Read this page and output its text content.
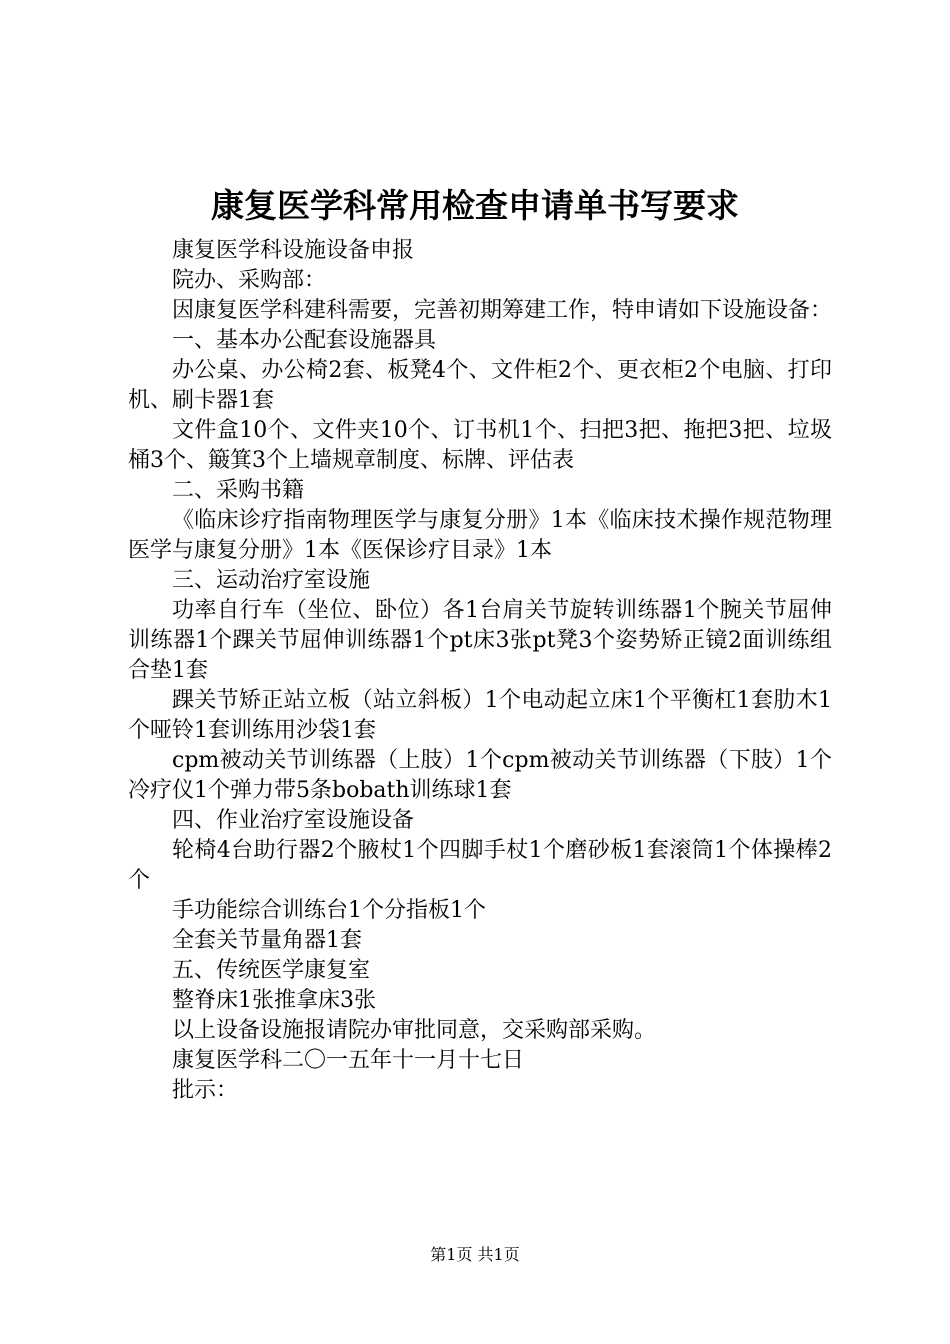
康复医学科常用检查申请单书写要求

康复医学科设施设备申报

院办、采购部：

因康复医学科建科需要，完善初期筹建工作，特申请如下设施设备：

一、基本办公配套设施器具

办公桌、办公椅2套、板凳4个、文件柜2个、更衣柜2个电脑、打印机、刷卡器1套

文件盒10个、文件夹10个、订书机1个、扫把3把、拖把3把、垃圾桶3个、簸箕3个上墙规章制度、标牌、评估表

二、采购书籍

《临床诊疗指南物理医学与康复分册》1本《临床技术操作规范物理医学与康复分册》1本《医保诊疗目录》1本

三、运动治疗室设施

功率自行车（坐位、卧位）各1台肩关节旋转训练器1个腕关节屈伸训练器1个踝关节屈伸训练器1个pt床3张pt凳3个姿势矫正镜2面训练组合垫1套

踝关节矫正站立板（站立斜板）1个电动起立床1个平衡杠1套肋木1个哑铃1套训练用沙袋1套

cpm被动关节训练器（上肢）1个cpm被动关节训练器（下肢）1个冷疗仪1个弹力带5条bobath训练球1套

四、作业治疗室设施设备

轮椅4台助行器2个腋杖1个四脚手杖1个磨砂板1套滚筒1个体操棒2个

手功能综合训练台1个分指板1个

全套关节量角器1套

五、传统医学康复室

整脊床1张推拿床3张

以上设备设施报请院办审批同意，交采购部采购。

康复医学科二〇一五年十一月十七日

批示：

第1页 共1页
